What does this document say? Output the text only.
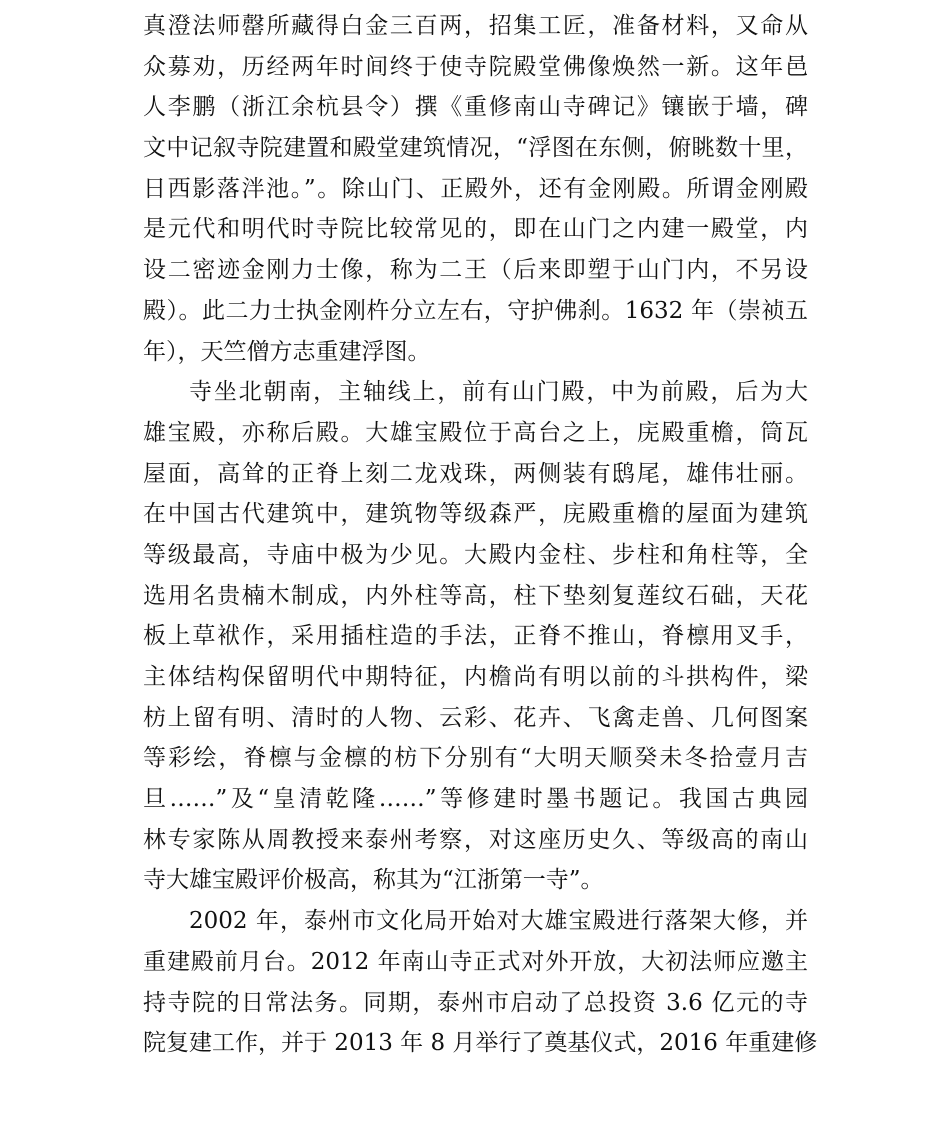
真澄法师罄所藏得白金三百两，招集工匠，准备材料，又命从
众募劝，历经两年时间终于使寺院殿堂佛像焕然一新。这年邑
人李鹏（浙江余杭县令）撰《重修南山寺碑记》镶嵌于墙，碑
文中记叙寺院建置和殿堂建筑情况，“浮图在东侧，俯眺数十里，
日西影落泮池。”。除山门、正殿外，还有金刚殿。所谓金刚殿
是元代和明代时寺院比较常见的，即在山门之内建一殿堂，内
设二密迹金刚力士像，称为二王（后来即塑于山门内，不另设
殿）。此二力士执金刚杵分立左右，守护佛刹。1632 年（崇祯五
年），天竺僧方志重建浮图。
寺坐北朝南，主轴线上，前有山门殿，中为前殿，后为大
雄宝殿，亦称后殿。大雄宝殿位于高台之上，庑殿重檐，筒瓦
屋面，高耸的正脊上刻二龙戏珠，两侧装有鸱尾，雄伟壮丽。
在中国古代建筑中，建筑物等级森严，庑殿重檐的屋面为建筑
等级最高，寺庙中极为少见。大殿内金柱、步柱和角柱等，全
选用名贵楠木制成，内外柱等高，柱下垫刻复莲纹石础，天花
板上草袱作，采用插柱造的手法，正脊不推山，脊檩用叉手，
主体结构保留明代中期特征，内檐尚有明以前的斗拱构件，梁
枋上留有明、清时的人物、云彩、花卉、飞禽走兽、几何图案
等彩绘，脊檩与金檩的枋下分别有“大明天顺癸未冬拾壹月吉
旦……”及“皇清乾隆……”等修建时墨书题记。我国古典园
林专家陈从周教授来泰州考察，对这座历史久、等级高的南山
寺大雄宝殿评价极高，称其为“江浙第一寺”。
2002 年，泰州市文化局开始对大雄宝殿进行落架大修，并
重建殿前月台。2012 年南山寺正式对外开放，大初法师应邀主
持寺院的日常法务。同期，泰州市启动了总投资 3.6 亿元的寺
院复建工作，并于 2013 年 8 月举行了奠基仪式，2016 年重建修
